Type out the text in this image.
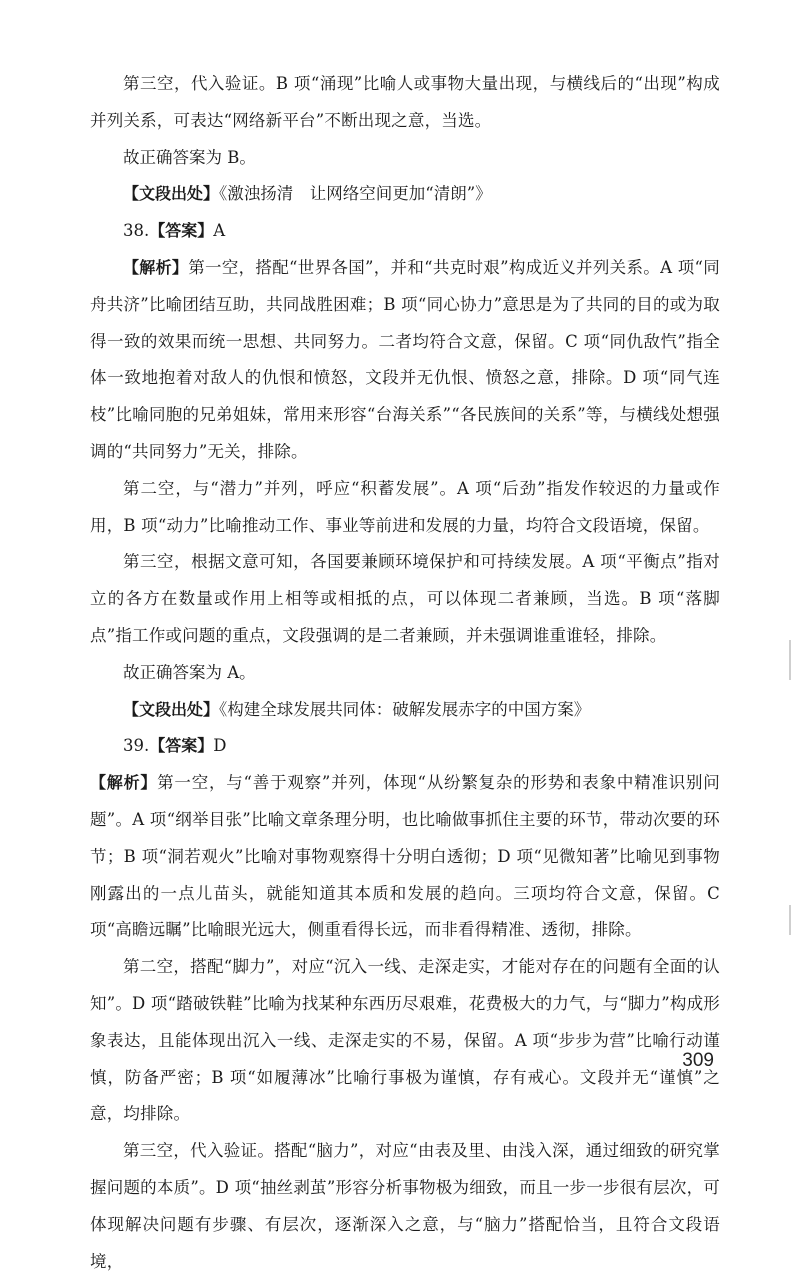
第三空，代入验证。B 项“涌现”比喻人或事物大量出现，与横线后的“出现”构成并列关系，可表达“网络新平台”不断出现之意，当选。

故正确答案为 B。

【文段出处】《激浊扬清　让网络空间更加“清朗”》

38.【答案】A

【解析】第一空，搭配“世界各国”，并和“共克时艰”构成近义并列关系。A 项“同舟共济”比喻团结互助，共同战胜困难；B 项“同心协力”意思是为了共同的目的或为取得一致的效果而统一思想、共同努力。二者均符合文意，保留。C 项“同仇敌忾”指全体一致地抱着对敌人的仇恨和愤怒，文段并无仇恨、愤怒之意，排除。D 项“同气连枝”比喻同胞的兄弟姐妹，常用来形容“台海关系”“各民族间的关系”等，与横线处想强调的“共同努力”无关，排除。

第二空，与“潜力”并列，呼应“积蓄发展”。A 项“后劲”指发作较迟的力量或作用，B 项“动力”比喻推动工作、事业等前进和发展的力量，均符合文段语境，保留。

第三空，根据文意可知，各国要兼顾环境保护和可持续发展。A 项“平衡点”指对立的各方在数量或作用上相等或相抵的点，可以体现二者兼顾，当选。B 项“落脚点”指工作或问题的重点，文段强调的是二者兼顾，并未强调谁重谁轻，排除。

故正确答案为 A。

【文段出处】《构建全球发展共同体：破解发展赤字的中国方案》

39.【答案】D

【解析】第一空，与“善于观察”并列，体现“从纷繁复杂的形势和表象中精准识别问题”。A 项“纲举目张”比喻文章条理分明，也比喻做事抓住主要的环节，带动次要的环节；B 项“洞若观火”比喻对事物观察得十分明白透彻；D 项“见微知著”比喻见到事物刚露出的一点儿苗头，就能知道其本质和发展的趋向。三项均符合文意，保留。C 项“高瞻远瞩”比喻眼光远大，侧重看得长远，而非看得精准、透彻，排除。

第二空，搭配“脚力”，对应“沉入一线、走深走实，才能对存在的问题有全面的认知”。D 项“踏破铁鞋”比喻为找某种东西历尽艰难，花费极大的力气，与“脚力”构成形象表达，且能体现出沉入一线、走深走实的不易，保留。A 项“步步为营”比喻行动谨慎，防备严密；B 项“如履薄冰”比喻行事极为谨慎，存有戒心。文段并无“谨慎”之意，均排除。

第三空，代入验证。搭配“脑力”，对应“由表及里、由浅入深，通过细致的研究掌握问题的本质”。D 项“抽丝剥茧”形容分析事物极为细致，而且一步一步很有层次，可体现解决问题有步骤、有层次，逐渐深入之意，与“脑力”搭配恰当，且符合文段语境，

309
